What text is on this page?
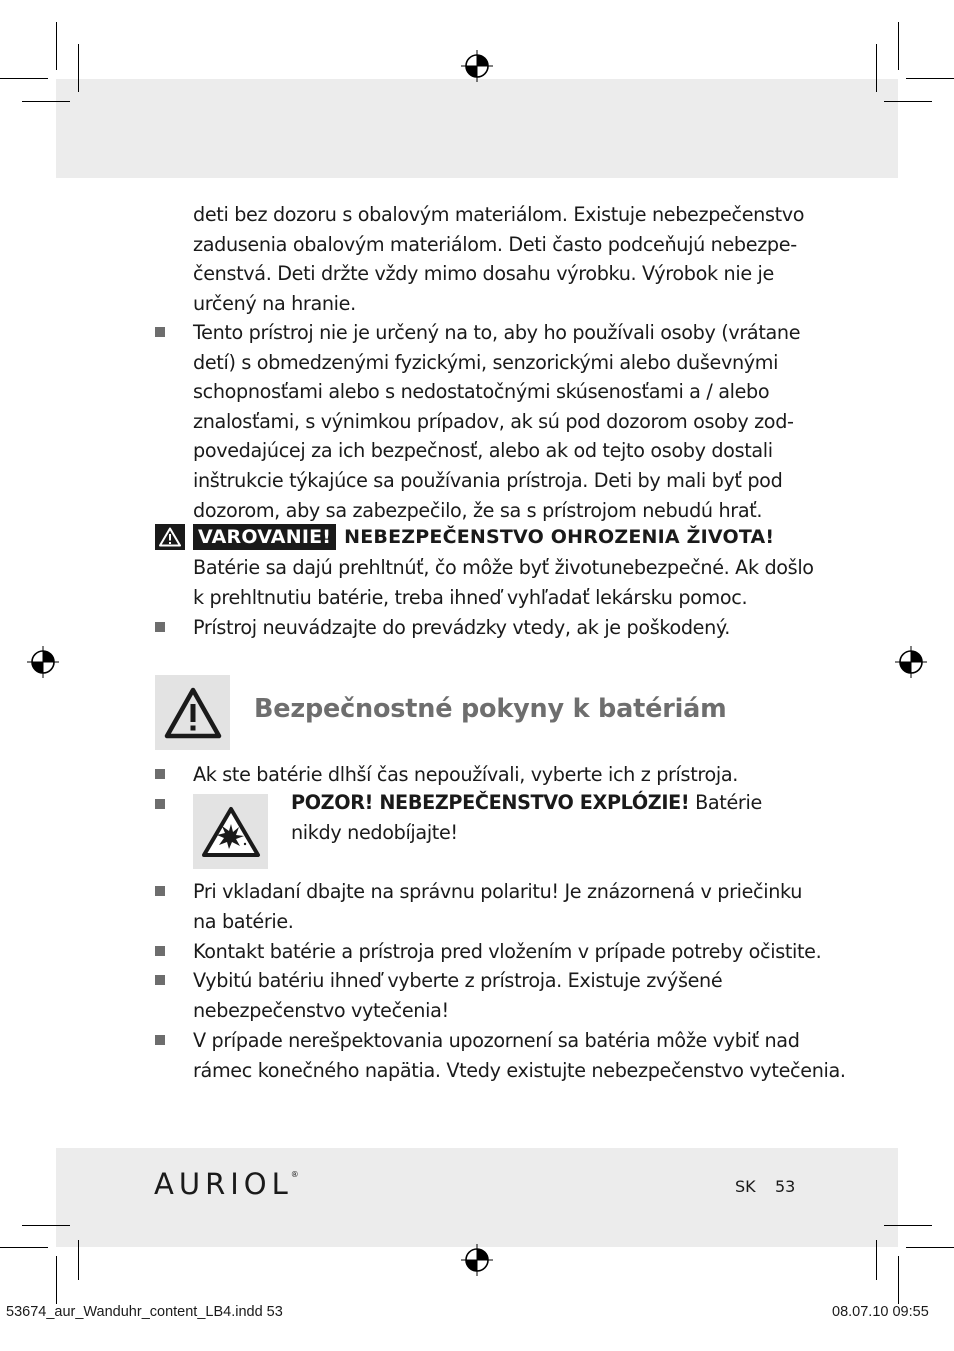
deti bez dozoru s obalovým materiálom. Existuje nebezpečenstvo
zadusenia obalovým materiálom. Deti často podceňujú nebezpe-
čenstvá. Deti držte vždy mimo dosahu výrobku. Výrobok nie je
určený na hranie.
Tento prístroj nie je určený na to, aby ho používali osoby (vrátane
detí) s obmedzenými fyzickými, senzorickými alebo duševnými
schopnosťami alebo s nedostatočnými skúsenosťami a / alebo
znalosťami, s výnimkou prípadov, ak sú pod dozorom osoby zod-
povedajúcej za ich bezpečnosť, alebo ak od tejto osoby dostali
inštrukcie týkajúce sa používania prístroja. Deti by mali byť pod
dozorom, aby sa zabezpečilo, že sa s prístrojom nebudú hrať.
VAROVANIE! NEBEZPEČENSTVO OHROZENIA ŽIVOTA!
Batérie sa dajú prehltnúť, čo môže byť životunebezpečné. Ak došlo
k prehltnutiu batérie, treba ihneď vyhľadať lekársku pomoc.
Prístroj neuvádzajte do prevádzky vtedy, ak je poškodený.
Bezpečnostné pokyny k batériám
Ak ste batérie dlhší čas nepoužívali, vyberte ich z prístroja.
POZOR! NEBEZPEČENSTVO EXPLÓZIE! Batérie
nikdy nedobíjajte!
Pri vkladaní dbajte na správnu polaritu! Je znázornená v priečinku
na batérie.
Kontakt batérie a prístroja pred vložením v prípade potreby očistite.
Vybitú batériu ihneď vyberte z prístroja. Existuje zvýšené
nebezpečenstvo vytečenia!
V prípade nerešpektovania upozornení sa batéria môže vybiť nad
rámec konečného napätia. Vtedy existujte nebezpečenstvo vytečenia.
AURIOL
®
SK 53
53674_aur_Wanduhr_content_LB4.indd 53	08.07.10 09:55
